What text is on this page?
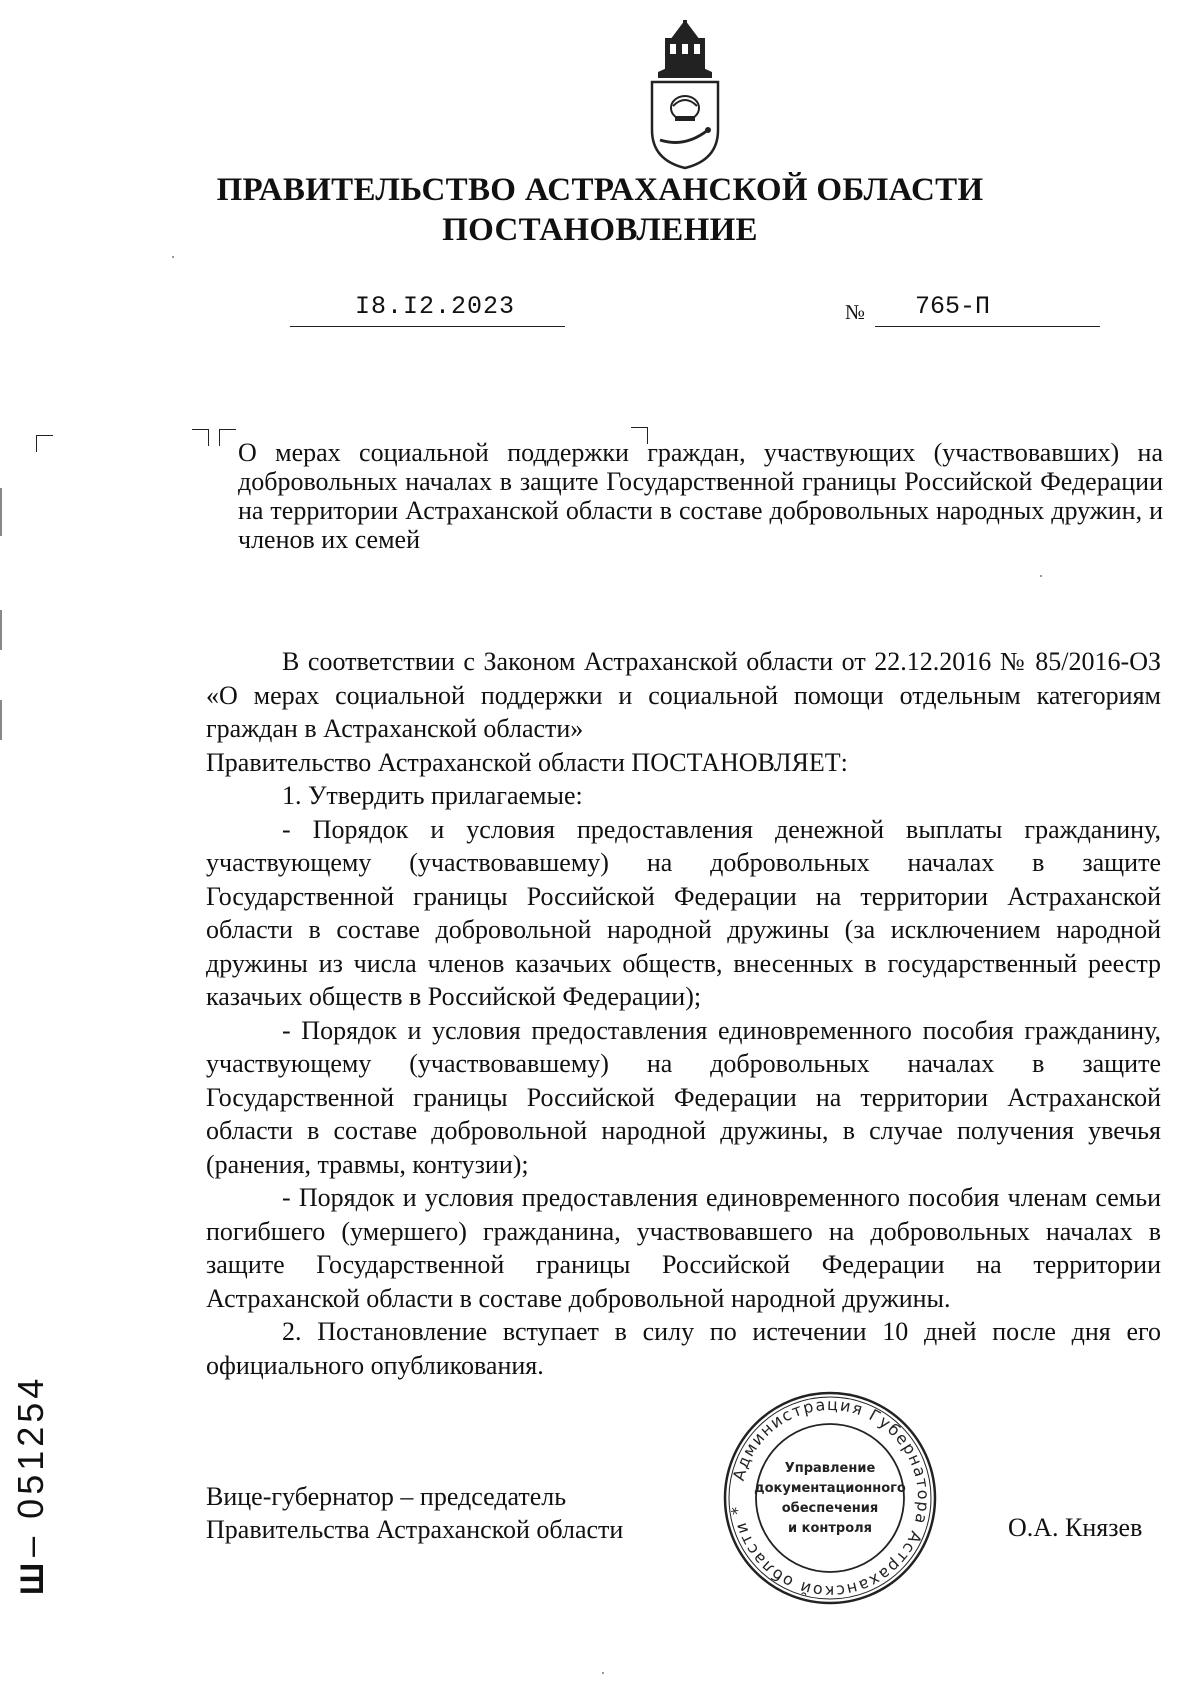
ПРАВИТЕЛЬСТВО АСТРАХАНСКОЙ ОБЛАСТИ
ПОСТАНОВЛЕНИЕ
I8.I2.2023	№ 765-П
О мерах социальной поддержки граждан, участвующих (участвовавших) на добровольных началах в защите Государственной границы Российской Федерации на территории Астраханской области в составе добровольных народных дружин, и членов их семей

В соответствии с Законом Астраханской области от 22.12.2016 № 85/2016-ОЗ «О мерах социальной поддержки и социальной помощи отдельным категориям граждан в Астраханской области»

Правительство Астраханской области ПОСТАНОВЛЯЕТ:

1. Утвердить прилагаемые:

- Порядок и условия предоставления денежной выплаты гражданину, участвующему (участвовавшему) на добровольных началах в защите Государственной границы Российской Федерации на территории Астраханской области в составе добровольной народной дружины (за исключением народной дружины из числа членов казачьих обществ, внесенных в государственный реестр казачьих обществ в Российской Федерации);

- Порядок и условия предоставления единовременного пособия гражданину, участвующему (участвовавшему) на добровольных началах в защите Государственной границы Российской Федерации на территории Астраханской области в составе добровольной народной дружины, в случае получения увечья (ранения, травмы, контузии);

- Порядок и условия предоставления единовременного пособия членам семьи погибшего (умершего) гражданина, участвовавшего на добровольных началах в защите Государственной границы Российской Федерации на территории Астраханской области в составе добровольной народной дружины.

2. Постановление вступает в силу по истечении 10 дней после дня его официального опубликования.

Вице-губернатор – председатель
Правительства Астраханской области	О.А. Князев
Администрация Губернатора Астраханской области *
Управление
документационного
обеспечения
и контроля
Ш– 051254
